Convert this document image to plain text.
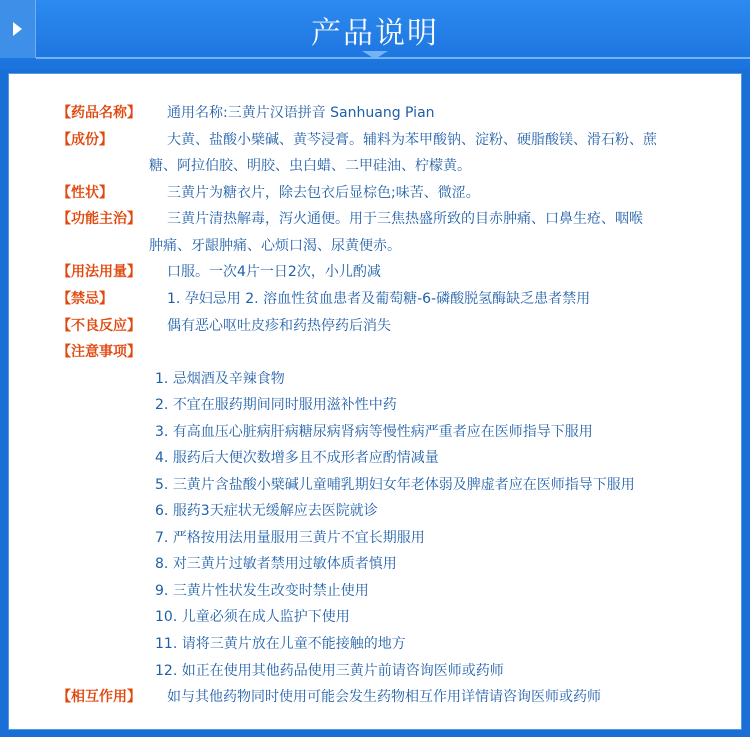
产品说明
【药品名称】 通用名称:三黄片汉语拼音 Sanhuang Pian
【成份】	大黄、盐酸小檗碱、黄芩浸膏。辅料为苯甲酸钠、淀粉、硬脂酸镁、滑石粉、蔗
糖、阿拉伯胶、明胶、虫白蜡、二甲硅油、柠檬黄。
【性状】	三黄片为糖衣片，除去包衣后显棕色;味苦、微涩。
【功能主治】 三黄片清热解毒，泻火通便。用于三焦热盛所致的目赤肿痛、口鼻生疮、咽喉
肿痛、牙龈肿痛、心烦口渴、尿黄便赤。
【用法用量】 口服。一次4片一日2次，小儿酌减
【禁忌】	1. 孕妇忌用 2. 溶血性贫血患者及葡萄糖-6-磷酸脱氢酶缺乏患者禁用
【不良反应】 偶有恶心呕吐皮疹和药热停药后消失
【注意事项】
1. 忌烟酒及辛辣食物
2. 不宜在服药期间同时服用滋补性中药
3. 有高血压心脏病肝病糖尿病肾病等慢性病严重者应在医师指导下服用
4. 服药后大便次数增多且不成形者应酌情减量
5. 三黄片含盐酸小檗碱儿童哺乳期妇女年老体弱及脾虚者应在医师指导下服用
6. 服药3天症状无缓解应去医院就诊
7. 严格按用法用量服用三黄片不宜长期服用
8. 对三黄片过敏者禁用过敏体质者慎用
9. 三黄片性状发生改变时禁止使用
10. 儿童必须在成人监护下使用
11. 请将三黄片放在儿童不能接触的地方
12. 如正在使用其他药品使用三黄片前请咨询医师或药师
【相互作用】 如与其他药物同时使用可能会发生药物相互作用详情请咨询医师或药师
